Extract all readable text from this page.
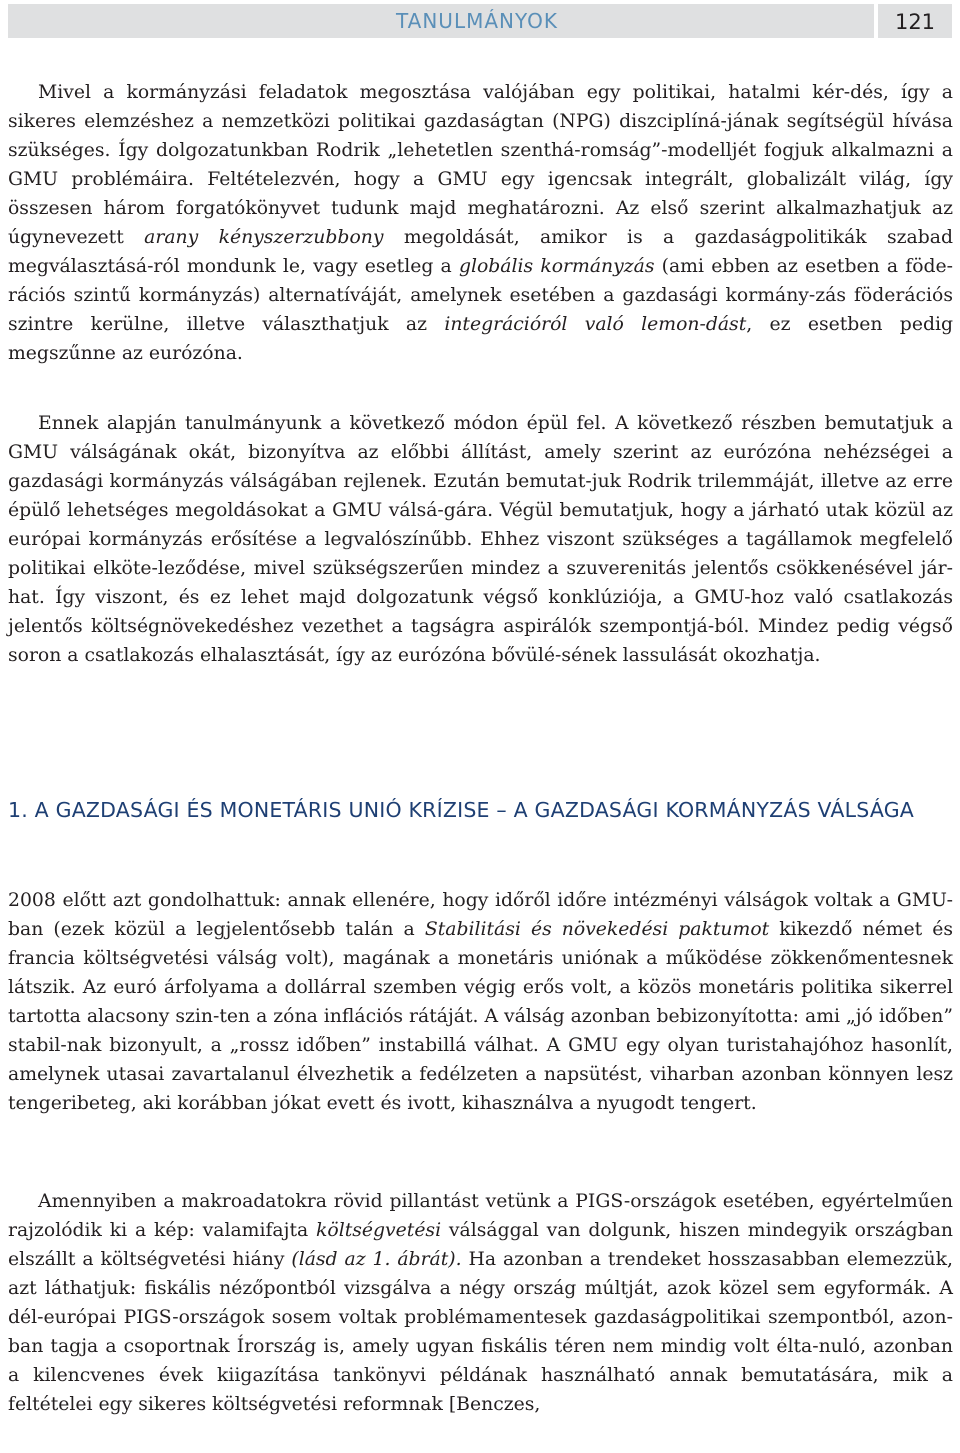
TANULMÁNYOK	121

Mivel a kormányzási feladatok megosztása valójában egy politikai, hatalmi kér-dés, így a sikeres elemzéshez a nemzetközi politikai gazdaságtan (NPG) diszciplíná-jának segítségül hívása szükséges. Így dolgozatunkban Rodrik „lehetetlen szenthá-romság”-modelljét fogjuk alkalmazni a GMU problémáira. Feltételezvén, hogy a GMU egy igencsak integrált, globalizált világ, így összesen három forgatókönyvet tudunk majd meghatározni. Az első szerint alkalmazhatjuk az úgynevezett arany kényszerzubbony megoldását, amikor is a gazdaságpolitikák szabad megválasztásá-ról mondunk le, vagy esetleg a globális kormányzás (ami ebben az esetben a föde-rációs szintű kormányzás) alternatíváját, amelynek esetében a gazdasági kormány-zás föderációs szintre kerülne, illetve választhatjuk az integrációról való lemon-dást, ez esetben pedig megszűnne az eurózóna.

Ennek alapján tanulmányunk a következő módon épül fel. A következő részben bemutatjuk a GMU válságának okát, bizonyítva az előbbi állítást, amely szerint az eurózóna nehézségei a gazdasági kormányzás válságában rejlenek. Ezután bemutat-juk Rodrik trilemmáját, illetve az erre épülő lehetséges megoldásokat a GMU válsá-gára. Végül bemutatjuk, hogy a járható utak közül az európai kormányzás erősítése a legvalószínűbb. Ehhez viszont szükséges a tagállamok megfelelő politikai elköte-leződése, mivel szükségszerűen mindez a szuverenitás jelentős csökkenésével jár-hat. Így viszont, és ez lehet majd dolgozatunk végső konklúziója, a GMU-hoz való csatlakozás jelentős költségnövekedéshez vezethet a tagságra aspirálók szempontjá-ból. Mindez pedig végső soron a csatlakozás elhalasztását, így az eurózóna bővülé-sének lassulását okozhatja.

1. A GAZDASÁGI ÉS MONETÁRIS UNIÓ KRÍZISE – A GAZDASÁGI KORMÁNYZÁS VÁLSÁGA

2008 előtt azt gondolhattuk: annak ellenére, hogy időről időre intézményi válságok voltak a GMU-ban (ezek közül a legjelentősebb talán a Stabilitási és növekedési paktumot kikezdő német és francia költségvetési válság volt), magának a monetáris uniónak a működése zökkenőmentesnek látszik. Az euró árfolyama a dollárral szemben végig erős volt, a közös monetáris politika sikerrel tartotta alacsony szin-ten a zóna inflációs rátáját. A válság azonban bebizonyította: ami „jó időben” stabil-nak bizonyult, a „rossz időben” instabillá válhat. A GMU egy olyan turistahajóhoz hasonlít, amelynek utasai zavartalanul élvezhetik a fedélzeten a napsütést, viharban azonban könnyen lesz tengeribeteg, aki korábban jókat evett és ivott, kihasználva a nyugodt tengert.

Amennyiben a makroadatokra rövid pillantást vetünk a PIGS-országok esetében, egyértelműen rajzolódik ki a kép: valamifajta költségvetési válsággal van dolgunk, hiszen mindegyik országban elszállt a költségvetési hiány (lásd az 1. ábrát). Ha azonban a trendeket hosszasabban elemezzük, azt láthatjuk: fiskális nézőpontból vizsgálva a négy ország múltját, azok közel sem egyformák. A dél-európai PIGS-országok sosem voltak problémamentesek gazdaságpolitikai szempontból, azon-ban tagja a csoportnak Írország is, amely ugyan fiskális téren nem mindig volt élta-nuló, azonban a kilencvenes évek kiigazítása tankönyvi példának használható annak bemutatására, mik a feltételei egy sikeres költségvetési reformnak [Benczes,
